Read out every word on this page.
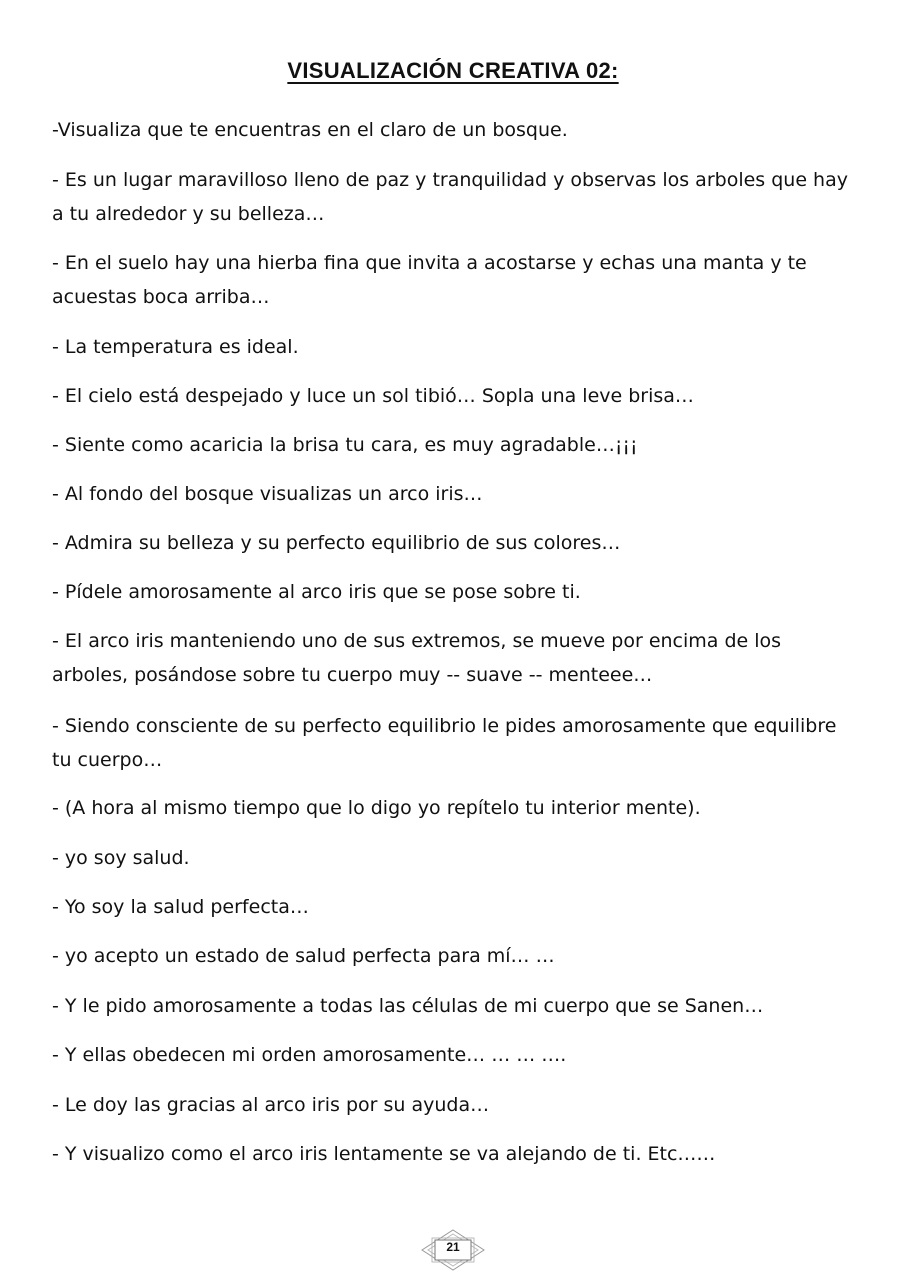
VISUALIZACIÓN CREATIVA 02:

-Visualiza que te encuentras en el claro de un bosque.

- Es un lugar maravilloso lleno de paz y tranquilidad y observas los arboles que hay a tu alrededor y su belleza…

- En el suelo hay una hierba fina que invita a acostarse y echas una manta y te acuestas boca arriba…

- La temperatura es ideal.

- El cielo está despejado y luce un sol tibió… Sopla una leve brisa…

- Siente como acaricia la brisa tu cara, es muy agradable…¡¡¡

- Al fondo del bosque visualizas un arco iris…

- Admira su belleza y su perfecto equilibrio de sus colores…

- Pídele amorosamente al arco iris que se pose sobre ti.

- El arco iris manteniendo uno de sus extremos, se mueve por encima de los arboles, posándose sobre tu cuerpo muy -- suave -- menteee…

- Siendo consciente de su perfecto equilibrio le pides amorosamente que equilibre tu cuerpo…

- (A hora al mismo tiempo que lo digo yo repítelo tu interior mente).

- yo soy salud.

- Yo soy la salud perfecta…

- yo acepto un estado de salud perfecta para mí… …

- Y le pido amorosamente a todas las células de mi cuerpo que se Sanen…

- Y ellas obedecen mi orden amorosamente… … … ….

- Le doy las gracias al arco iris por su ayuda…

- Y visualizo como el arco iris lentamente se va alejando de ti. Etc……

21
